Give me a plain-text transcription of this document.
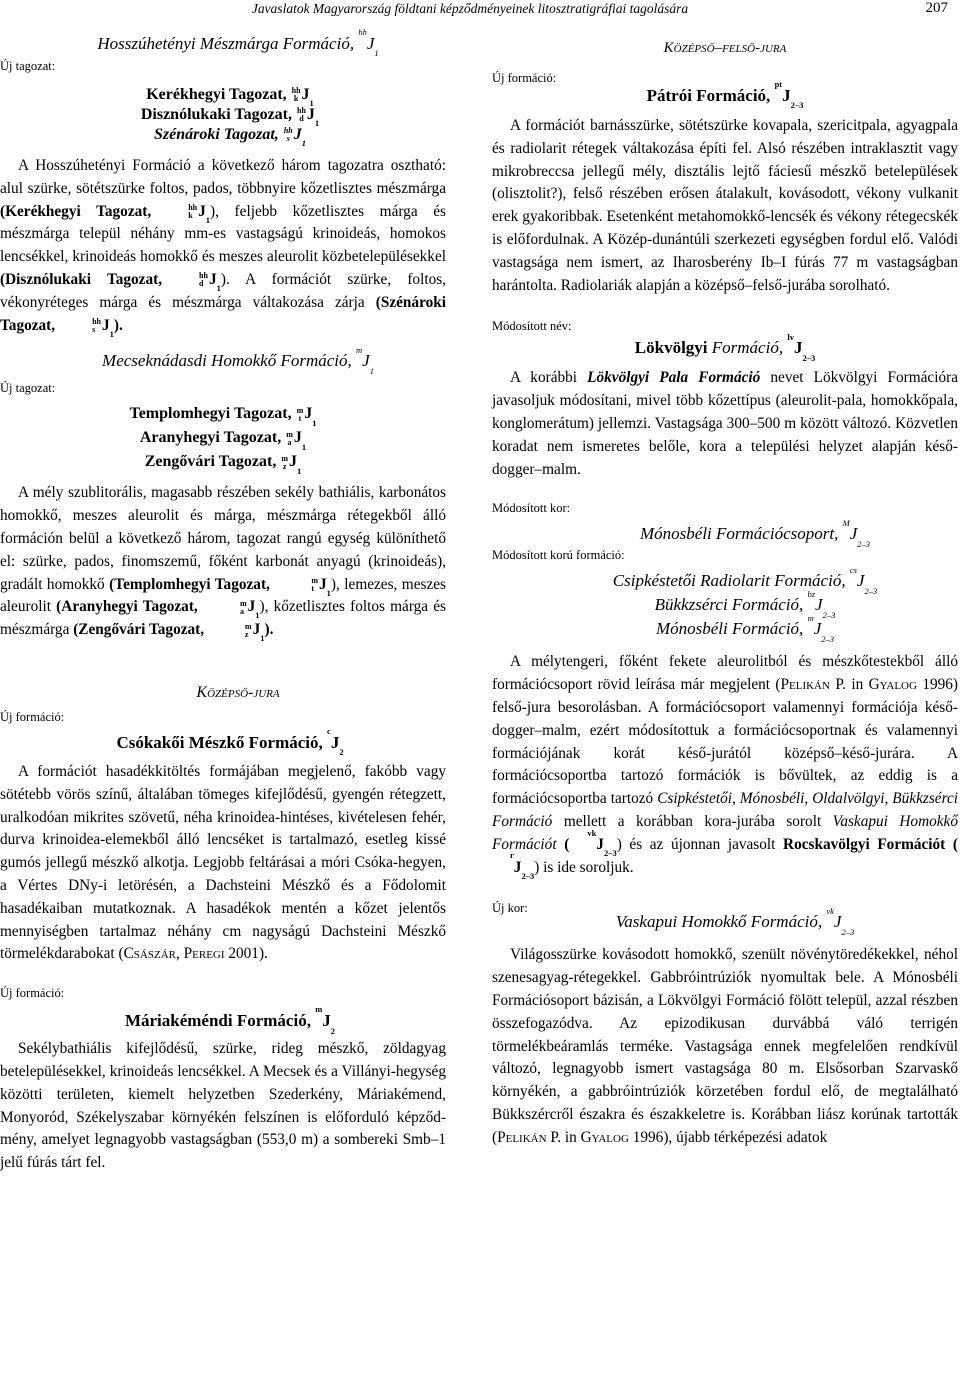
Javaslatok Magyarország földtani képződményeinek litosztratigráfiai tagolására	207
Hosszúhetényi Mészmárga Formáció, $^{hh}J_1$

Új tagozat:

Kerékhegyi Tagozat, hh
k $J_1$
Disznólukaki Tagozat, hh
d $J_1$
Szénároki Tagozat, hh
s $J_1$

A Hosszúhetényi Formáció a következő három tagozatra osztható: alul szürke, sötétszürke foltos, pados, többnyire kőzetlisztes mészmárga (Kerékhegyi Tagozat,	hh
k $J_1$), feljebb kőzetlisztes márga és mészmárga települ néhány mm-es vastagságú krinoideás, homokos lencsékkel, krinoideás homokkő és meszes aleurolit közbetelepülésekkel (Disznólukaki Tagozat,	hh
d $J_1$). A formációt szürke, foltos, vékonyréteges márga és mészmárga váltakozása zárja (Szénároki Tagozat,	hh
s $J_1$).

Mecseknádasdi Homokkő Formáció, $^mJ_1$

Új tagozat:

Templomhegyi Tagozat, m
t $J_1$
Aranyhegyi Tagozat, m
a $J_1$
Zengővári Tagozat, m
z $J_1$

A mély szublitorális, magasabb részében sekély bathiális, karbonátos homokkő, meszes aleurolit és márga, mészmárga rétegekből álló formáción belül a következő három, tagozat rangú egység különíthető el: szürke, pados, finomszemű, főként karbonát anyagú (krinoideás), gradált homokkő (Templomhegyi Tagozat,	m
t $J_1$), lemezes, meszes aleurolit (Aranyhegyi Tagozat,	m
a $J_1$), kőzetlisztes foltos márga és mészmárga (Zengővári Tagozat,	m
z $J_1$).

Középső-jura

Új formáció:

Csókakői Mészkő Formáció, $^cJ_2$

A formációt hasadékkitöltés formájában megjelenő, fakóbb vagy sötétebb vörös színű, általában tömeges kifejlődésű, gyengén rétegzett, uralkodóan mikrites szövetű, néha krinoidea-hintéses, kivételesen fehér, durva krinoidea-elemekből álló lencséket is tartalmazó, esetleg kissé gumós jellegű mészkő alkotja. Legjobb feltárásai a móri Csóka-hegyen, a Vértes DNy-i letörésén, a Dachsteini Mészkő és a Fődolomit hasadékaiban mutatkoznak. A hasadékok mentén a kőzet jelentős mennyiségben tartalmaz néhány cm nagyságú Dachsteini Mészkő törmelékdarabokat (Császár, Peregi 2001).

Új formáció:

Máriakéméndi Formáció, $^mJ_2$

Sekélybathiális kifejlődésű, szürke, rideg mészkő, zöldagyag betelepülésekkel, krinoideás lencsékkel. A Mecsek és a Villányi-hegység közötti területen, kiemelt helyzetben Szederkény, Máriakémend, Monyoród, Székelyszabar környékén felszínen is előforduló képződmény, amelyet legnagyobb vastagságban (553,0 m) a sombereki Smb–1 jelű fúrás tárt fel.

Középső–felső-jura

Új formáció:

Pátrói Formáció, $^{pt}J_{2-3}$

A formációt barnásszürke, sötétszürke kovapala, szericitpala, agyagpala és radiolarit rétegek váltakozása építi fel. Alsó részében intraklasztit vagy mikrobreccsa jellegű mély, disztális lejtő fáciesű mészkő betelepülések (olisztolit?), felső részében erősen átalakult, kovásodott, vékony vulkanit erek gyakoribbak. Esetenként metahomokkő-lencsék és vékony rétegecskék is előfordulnak. A Közép-dunántúli szerkezeti egységben fordul elő. Valódi vastagsága nem ismert, az Iharosberény Ib–I fúrás 77 m vastagságban harántolta. Radiolariák alapján a középső–felső-jurába sorolható.

Módosított név:

Lökvölgyi Formáció, $^{lv}J_{2-3}$

A korábbi Lökvölgyi Pala Formáció nevet Lökvölgyi Formációra javasoljuk módosítani, mivel több kőzettípus (aleurolit-pala, homokkőpala, konglomerátum) jellemzi. Vastagsága 300–500 m között változó. Közvetlen koradat nem ismeretes belőle, kora a települési helyzet alapján késő-dogger–malm.

Módosított kor:

Mónosbéli Formációcsoport, $^MJ_{2-3}$

Módosított korú formáció:

Csipkéstetői Radiolarit Formáció, $^{cs}J_{2-3}$
Bükkzsérci Formáció, $^{bz}J_{2-3}$
Mónosbéli Formáció, $^mJ_{2-3}$

A mélytengeri, főként fekete aleurolitból és mészkőtestekből álló formációcsoport rövid leírása már megjelent (Pelikán P. in Gyalog 1996) felső-jura besorolásban. A formációcsoport valamennyi formációja késő-dogger–malm, ezért módosítottuk a formációcsoportnak és valamennyi formációjának korát késő-jurától középső–késő-jurára. A formációcsoportba tartozó formációk is bővültek, az eddig is a formációcsoportba tartozó Csipkéstetői, Mónosbéli, Oldalvölgyi, Bükkzsérci Formáció mellett a korábban kora-jurába sorolt Vaskapui Homokkő Formációt $(^{vk}J_{2-3})$ és az újonnan javasolt Rocskavölgyi Formációt $(^rJ_{2-3})$ is ide soroljuk.

Új kor:

Vaskapui Homokkő Formáció, $^{vk}J_{2-3}$

Világosszürke kovásodott homokkő, szenült növénytöredékekkel, néhol szenesagyag-rétegekkel. Gabbróintrúziók nyomultak bele. A Mónosbéli Formációsoport bázisán, a Lökvölgyi Formáció fölött települ, azzal részben összefogazódva. Az epizodikusan durvábbá váló terrigén törmelékbeáramlás terméke. Vastagsága ennek megfelelően rendkívül változó, legnagyobb ismert vastagsága 80 m. Elsősorban Szarvaskő környékén, a gabbróintrúziók körzetében fordul elő, de megtalálható Bükkszércről északra és északkeletre is. Korábban liász korúnak tartották (Pelikán P. in Gyalog 1996), újabb térképezési adatok
